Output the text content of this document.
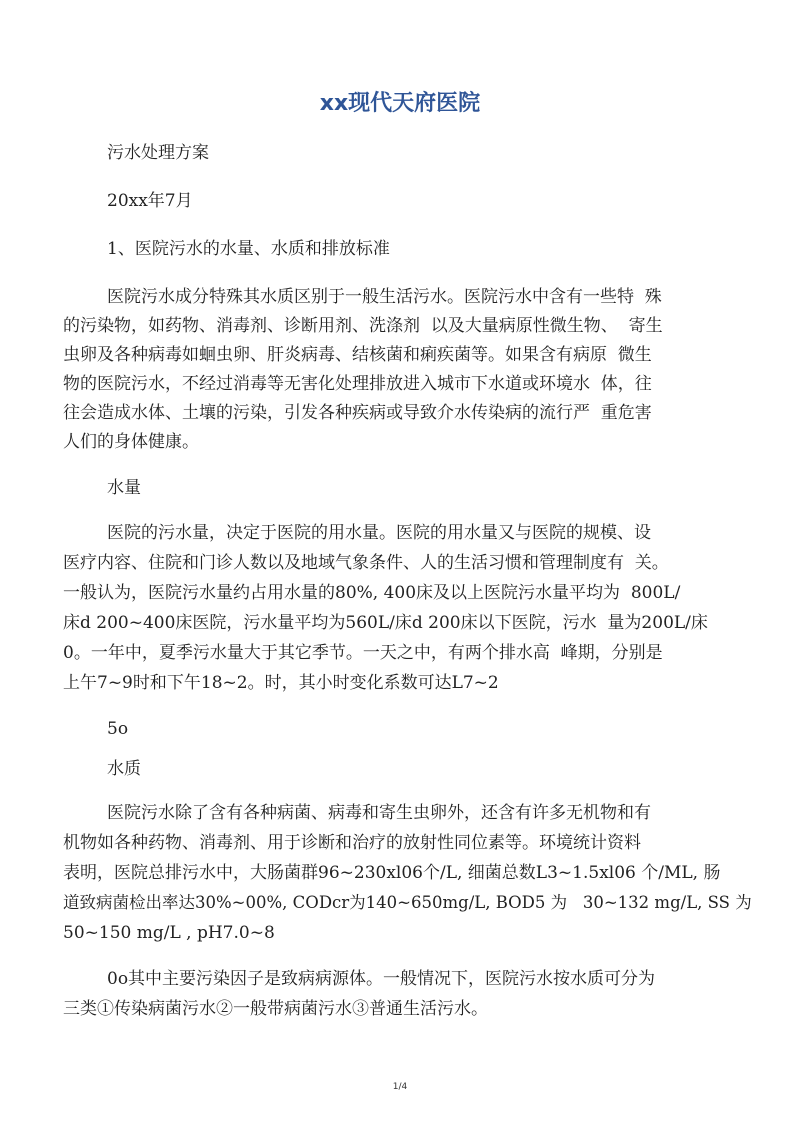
xx现代天府医院

污水处理方案

20xx年7月

1、医院污水的水量、水质和排放标准

医院污水成分特殊其水质区别于一般生活污水。医院污水中含有一些特  殊

的污染物，如药物、消毒剂、诊断用剂、洗涤剂  以及大量病原性微生物、  寄生

虫卵及各种病毒如蛔虫卵、肝炎病毒、结核菌和痢疾菌等。如果含有病原  微生

物的医院污水，不经过消毒等无害化处理排放进入城市下水道或环境水  体，往

往会造成水体、土壤的污染，引发各种疾病或导致介水传染病的流行严  重危害

人们的身体健康。

水量

医院的污水量，决定于医院的用水量。医院的用水量又与医院的规模、设

医疗内容、住院和门诊人数以及地域气象条件、人的生活习惯和管理制度有  关。

一般认为，医院污水量约占用水量的80%, 400床及以上医院污水量平均为  800L/

床d 200~400床医院，污水量平均为560L/床d 200床以下医院，污水  量为200L/床

0。一年中，夏季污水量大于其它季节。一天之中，有两个排水高  峰期，分别是

上午7~9时和下午18~2。时，其小时变化系数可达L7~2

5o

水质

医院污水除了含有各种病菌、病毒和寄生虫卵外，还含有许多无机物和有

机物如各种药物、消毒剂、用于诊断和治疗的放射性同位素等。环境统计资料

表明，医院总排污水中，大肠菌群96~230xl06个/L, 细菌总数L3~1.5xl06 个/ML, 肠

道致病菌检出率达30%~00%, CODcr为140~650mg/L, BOD5 为   30~132 mg/L, SS 为

50~150 mg/L , pH7.0~8

0o其中主要污染因子是致病病源体。一般情况下，医院污水按水质可分为

三类①传染病菌污水②一般带病菌污水③普通生活污水。

1/4
